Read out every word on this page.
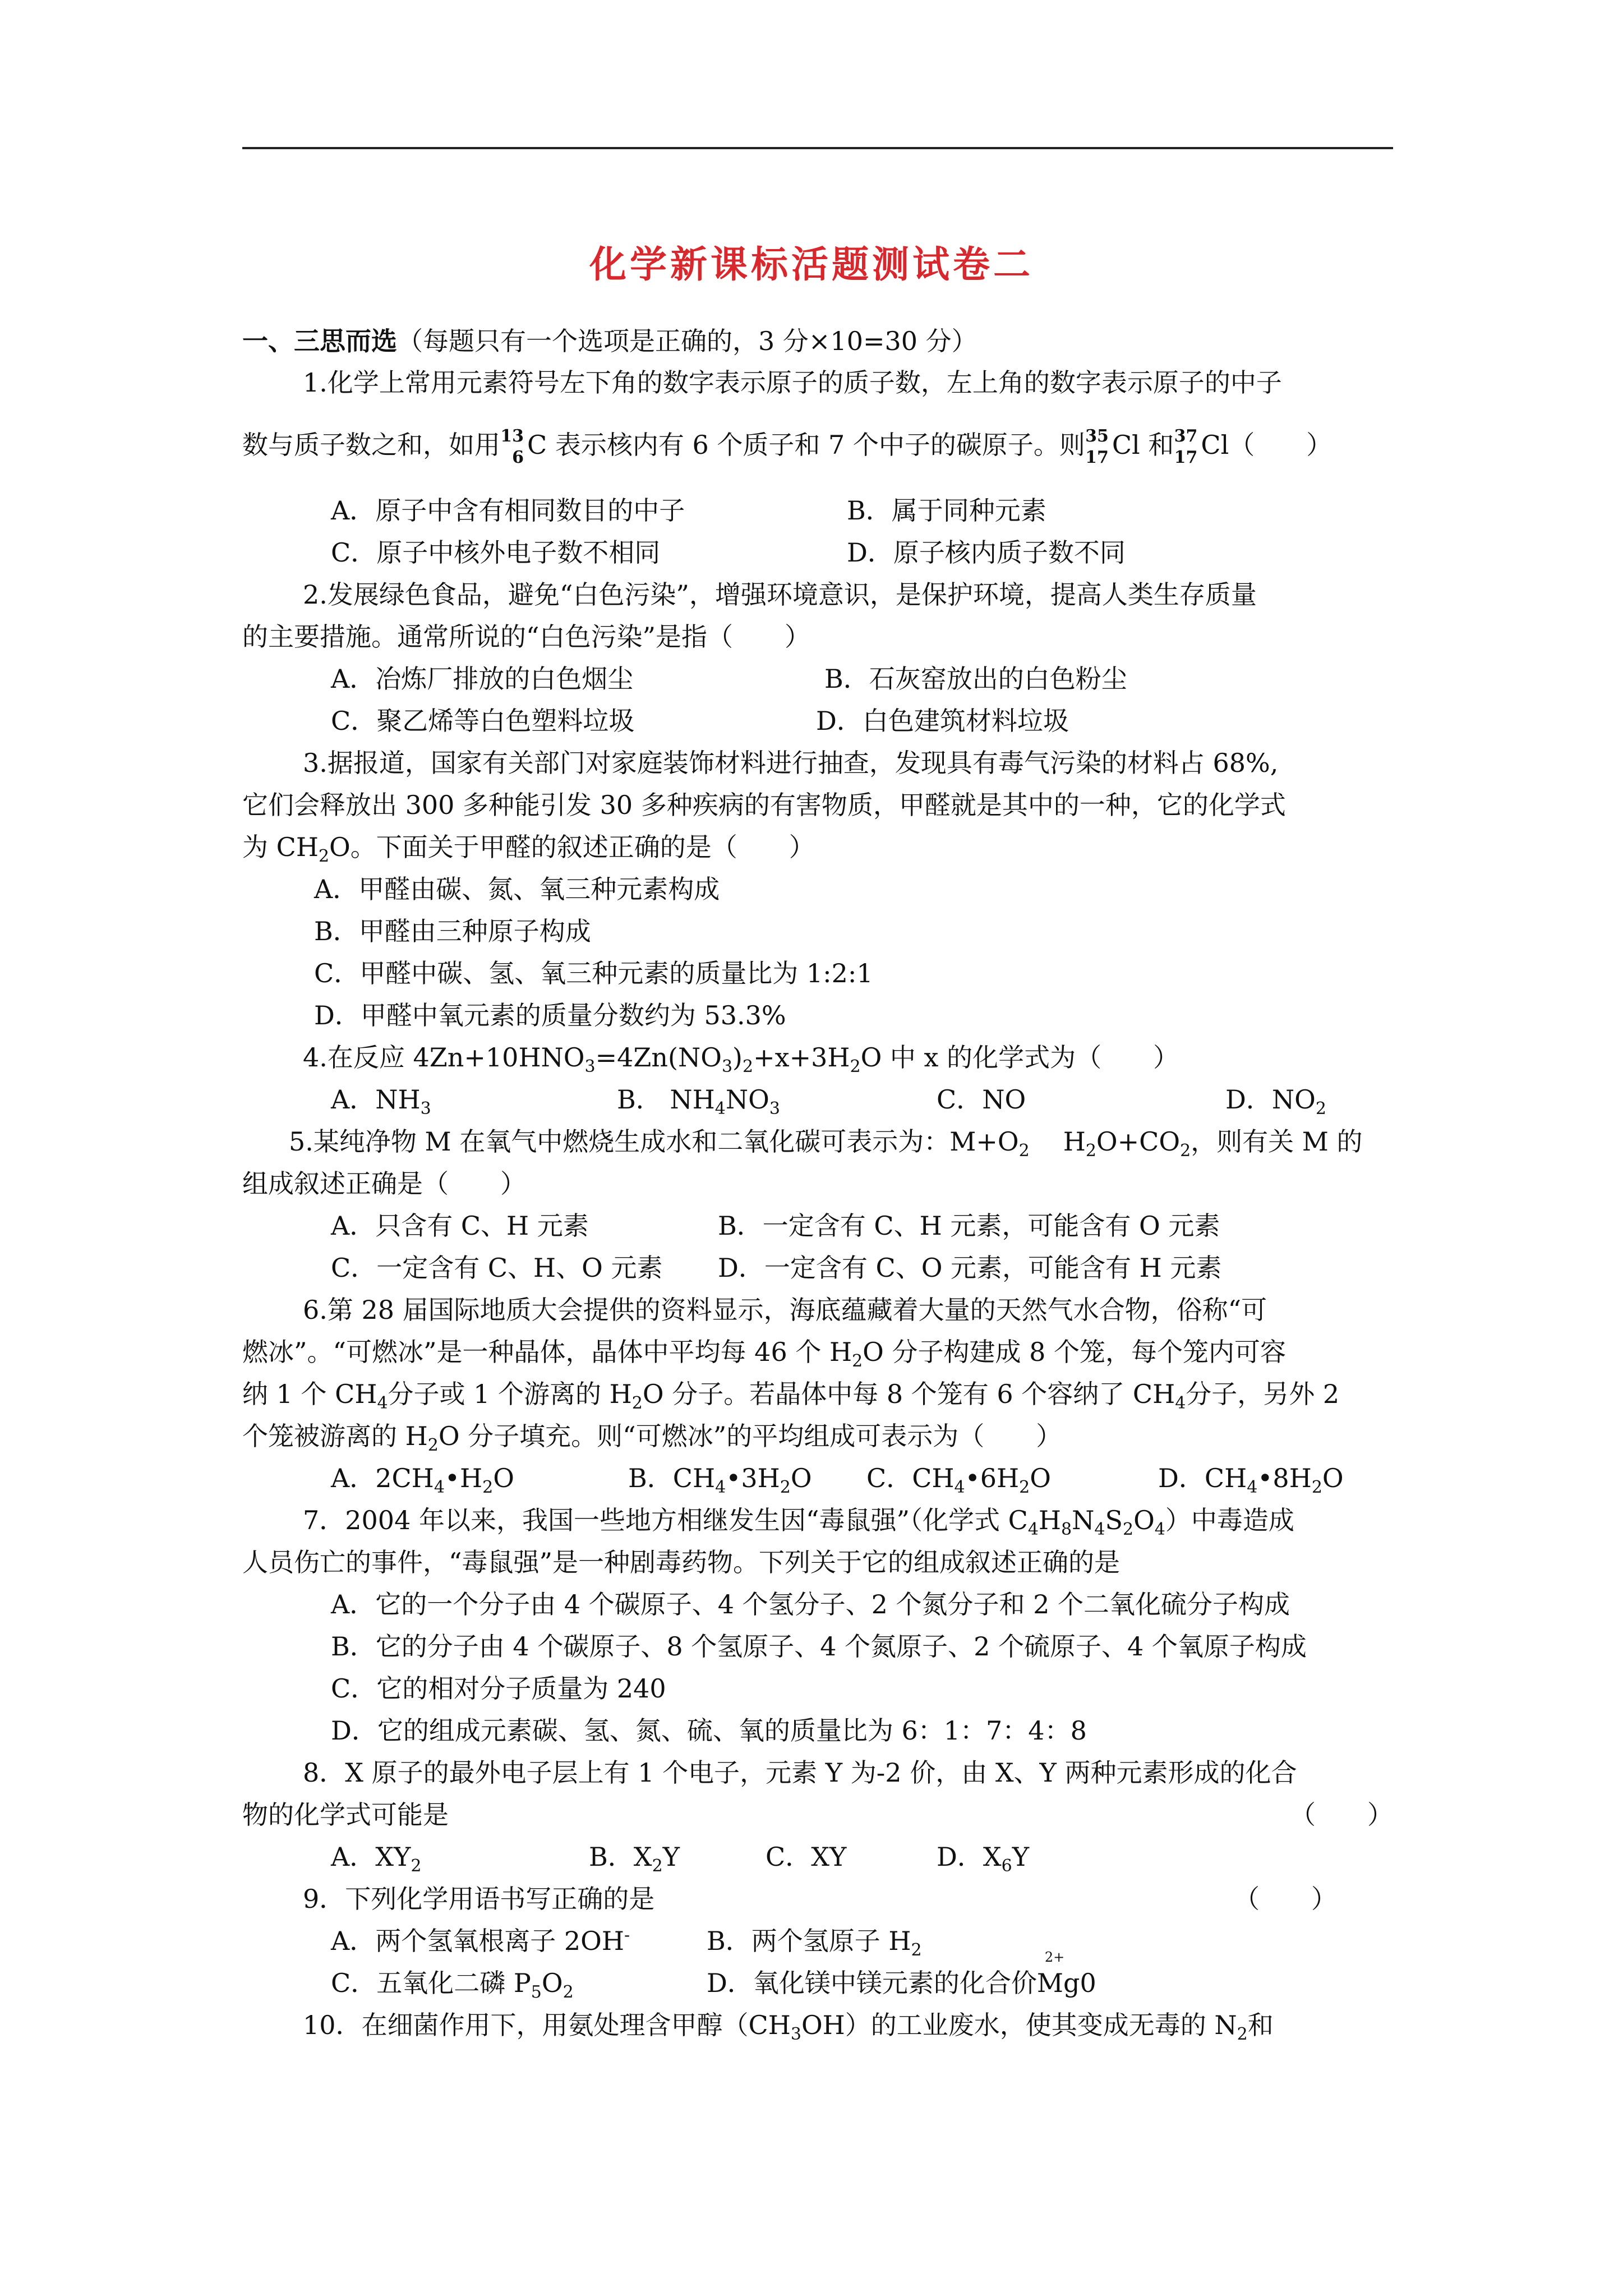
化学新课标活题测试卷二
一、三思而选（每题只有一个选项是正确的，3 分×10=30 分）
1.化学上常用元素符号左下角的数字表示原子的质子数，左上角的数字表示原子的中子
数与质子数之和，如用 13
6 C 表示核内有 6 个质子和 7 个中子的碳原子。则 35
17 Cl 和 37
17 Cl（　　）
A．原子中含有相同数目的中子	B．属于同种元素
C．原子中核外电子数不相同	D．原子核内质子数不同
2.发展绿色食品，避免“白色污染”，增强环境意识，是保护环境，提高人类生存质量
的主要措施。通常所说的“白色污染”是指（　　）
A．冶炼厂排放的白色烟尘	B．石灰窑放出的白色粉尘
C．聚乙烯等白色塑料垃圾	D．白色建筑材料垃圾
3.据报道，国家有关部门对家庭装饰材料进行抽查，发现具有毒气污染的材料占 68%,
它们会释放出 300 多种能引发 30 多种疾病的有害物质，甲醛就是其中的一种，它的化学式
为 $CH_2O$。下面关于甲醛的叙述正确的是（　　）
A．甲醛由碳、氮、氧三种元素构成
B．甲醛由三种原子构成
C．甲醛中碳、氢、氧三种元素的质量比为 1:2:1
D．甲醛中氧元素的质量分数约为 53.3%
4.在反应 $4Zn+10HNO_3=4Zn(NO_3)_2+x+3H_2O$ 中 x 的化学式为（　　）
A．$NH_3$	B． $NH_4NO_3$	C．NO	D．$NO_2$
5.某纯净物 M 在氧气中燃烧生成水和二氧化碳可表示为：$M+O_2$ $H_2O+CO_2$，则有关 M 的
组成叙述正确是（　　）
A．只含有 C、H 元素	B．一定含有 C、H 元素，可能含有 O 元素
C．一定含有 C、H、O 元素 D．一定含有 C、O 元素，可能含有 H 元素
6.第 28 届国际地质大会提供的资料显示，海底蕴藏着大量的天然气水合物，俗称“可
燃冰”。“可燃冰”是一种晶体，晶体中平均每 46 个 $H_2O$ 分子构建成 8 个笼，每个笼内可容
纳 1 个 $CH_4$分子或 1 个游离的 $H_2O$ 分子。若晶体中每 8 个笼有 6 个容纳了 $CH_4$分子，另外 2
个笼被游离的 $H_2O$ 分子填充。则“可燃冰”的平均组成可表示为（　　）
A．$2CH_4•H_2O$	B．$CH_4•3H_2O$ C．$CH_4•6H_2O$	D．$CH_4•8H_2O$
7．2004 年以来，我国一些地方相继发生因“毒鼠强”（化学式 $C_4H_8N_4S_2O_4$）中毒造成
人员伤亡的事件，“毒鼠强”是一种剧毒药物。下列关于它的组成叙述正确的是
A．它的一个分子由 4 个碳原子、4 个氢分子、2 个氮分子和 2 个二氧化硫分子构成
B．它的分子由 4 个碳原子、8 个氢原子、4 个氮原子、2 个硫原子、4 个氧原子构成
C．它的相对分子质量为 240
D．它的组成元素碳、氢、氮、硫、氧的质量比为 6：1：7：4：8
8．X 原子的最外电子层上有 1 个电子，元素 Y 为-2 价，由 X、Y 两种元素形成的化合
物的化学式可能是	（　　）
A．$XY_2$	B．$X_2Y$	C．XY	D．$X_6Y$
9．下列化学用语书写正确的是	（　　）
A．两个氢氧根离子 2OH-	B．两个氢原子 $H_2$
C．五氧化二磷 $P_5O_2$	D．氧化镁中镁元素的化合价
2+
Mg0
10．在细菌作用下，用氨处理含甲醇$(CH_3OH)$的工业废水，使其变成无毒的 $N_2$和
